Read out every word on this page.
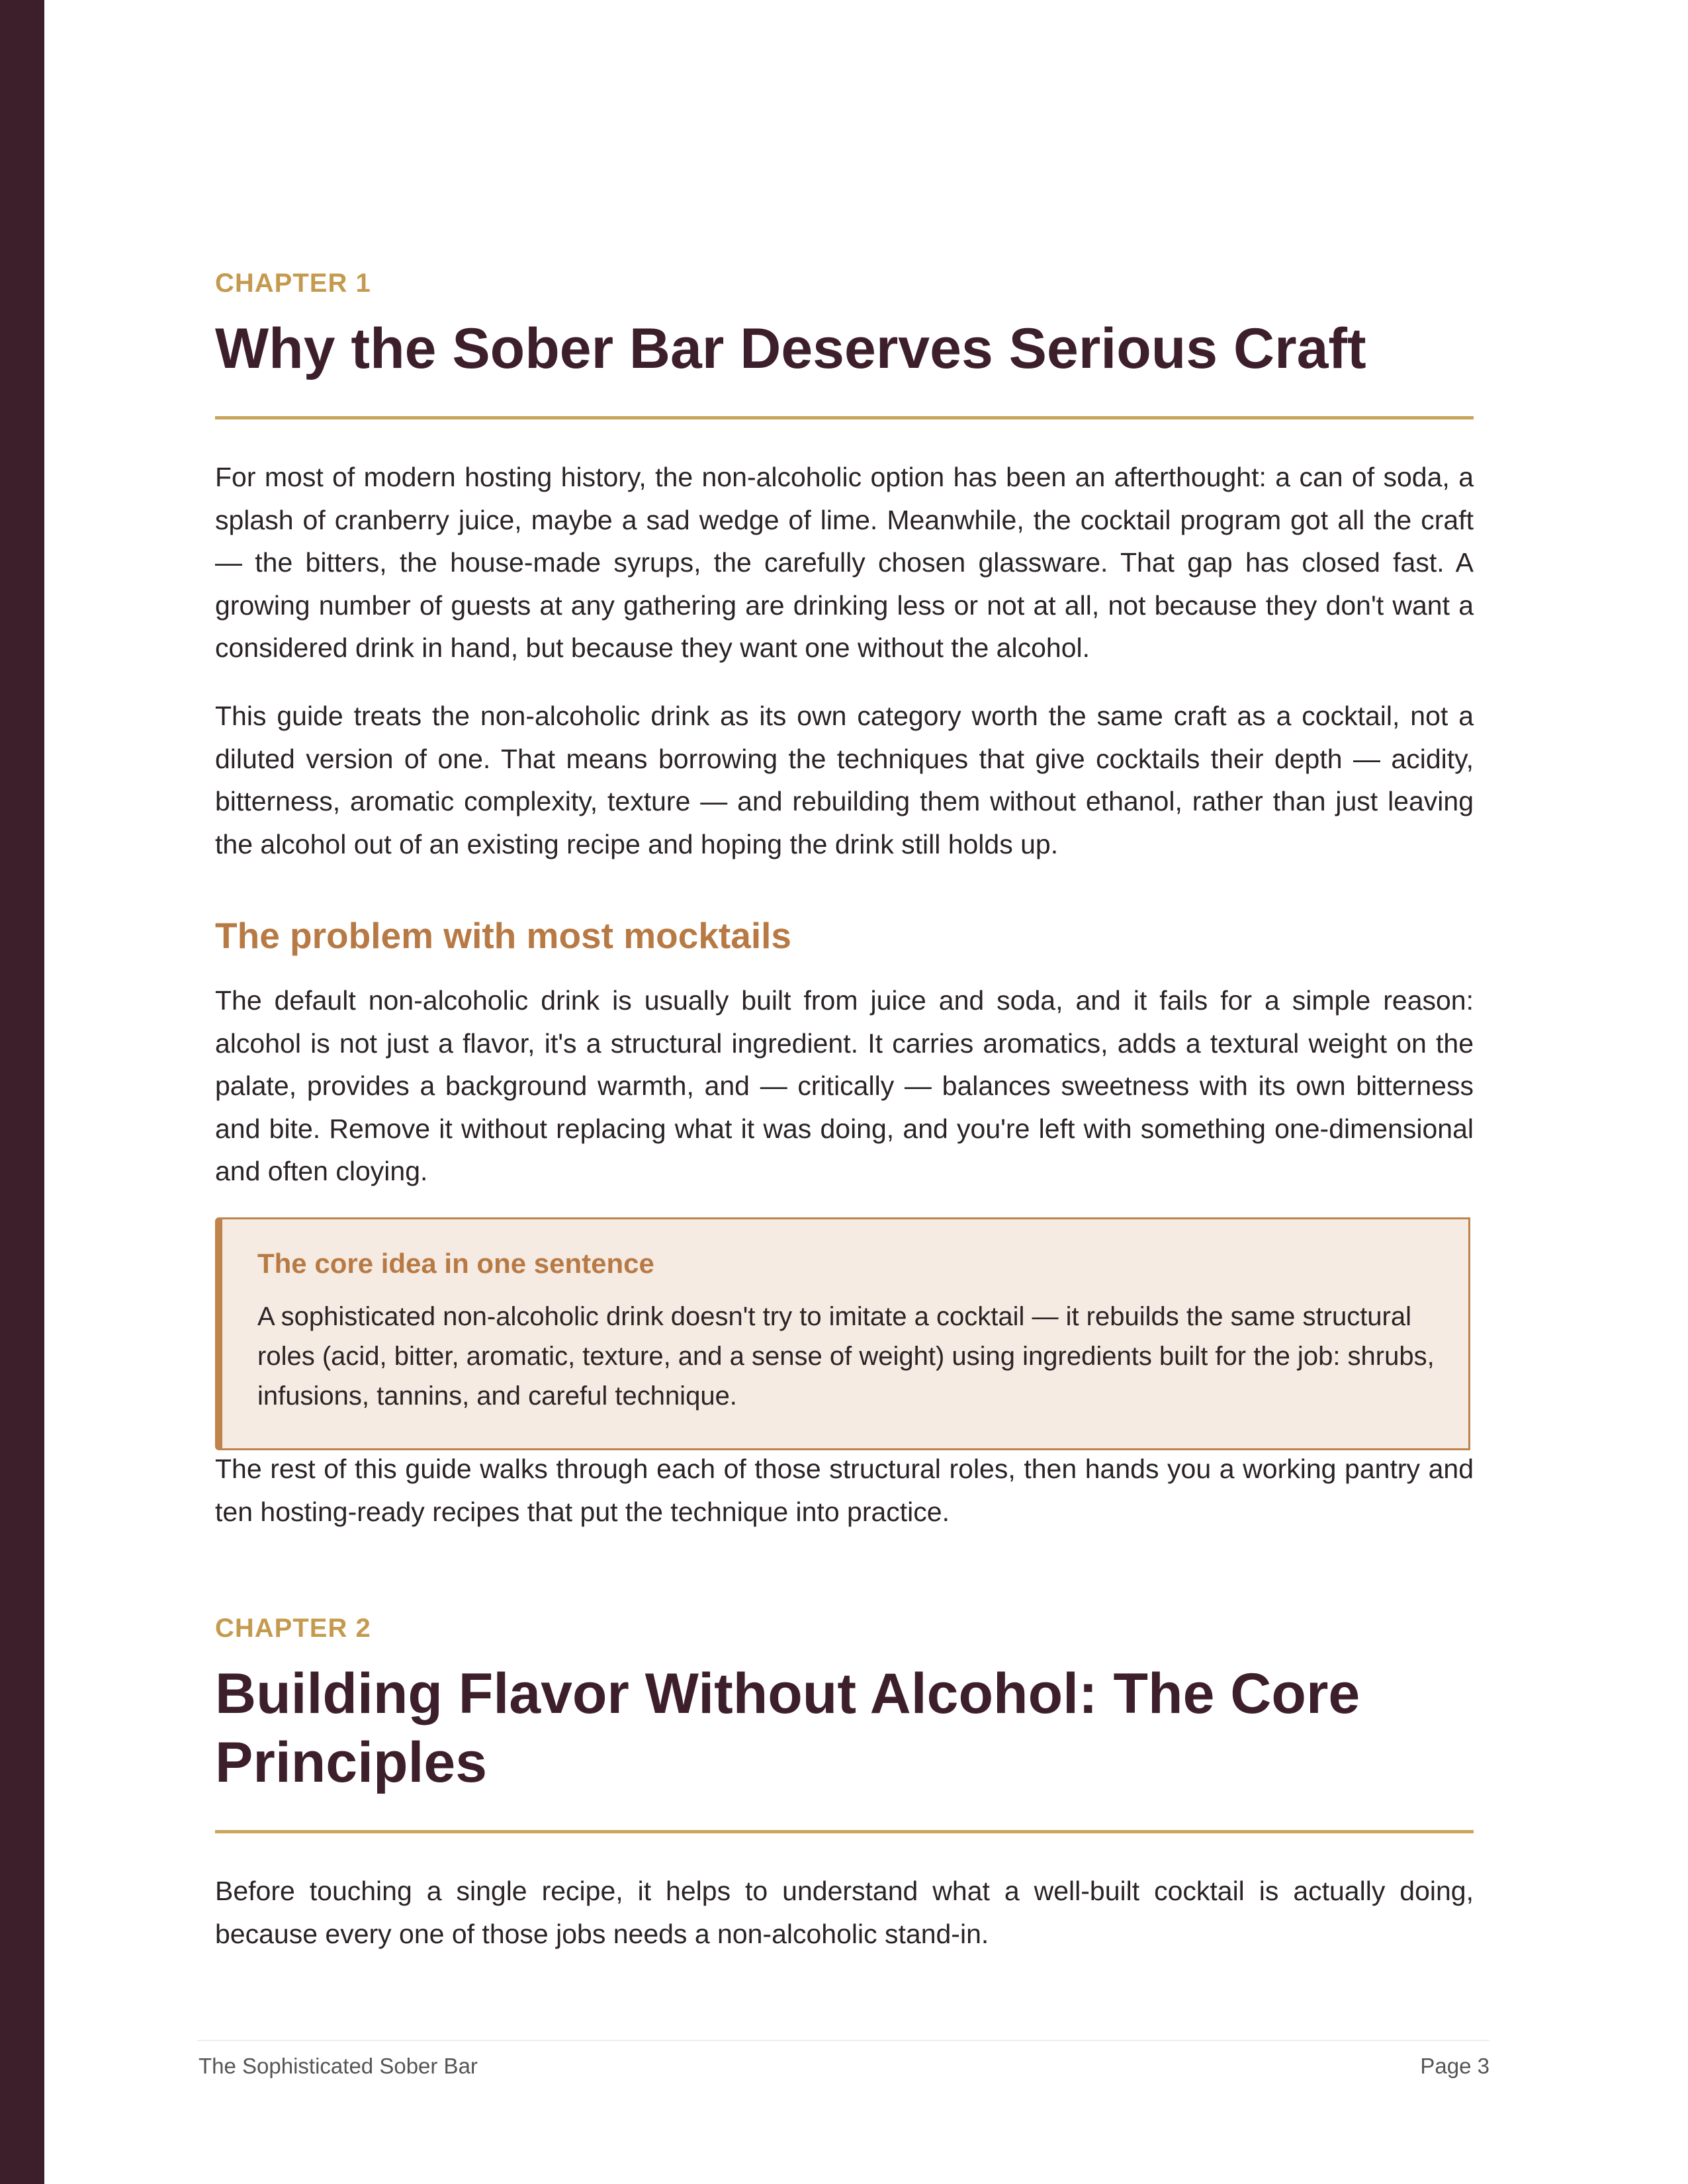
CHAPTER 1

Why the Sober Bar Deserves Serious Craft

For most of modern hosting history, the non-alcoholic option has been an afterthought: a can of soda, a splash of cranberry juice, maybe a sad wedge of lime. Meanwhile, the cocktail program got all the craft — the bitters, the house-made syrups, the carefully chosen glassware. That gap has closed fast. A growing number of guests at any gathering are drinking less or not at all, not because they don't want a considered drink in hand, but because they want one without the alcohol.

This guide treats the non-alcoholic drink as its own category worth the same craft as a cocktail, not a diluted version of one. That means borrowing the techniques that give cocktails their depth — acidity, bitterness, aromatic complexity, texture — and rebuilding them without ethanol, rather than just leaving the alcohol out of an existing recipe and hoping the drink still holds up.

The problem with most mocktails

The default non-alcoholic drink is usually built from juice and soda, and it fails for a simple reason: alcohol is not just a flavor, it's a structural ingredient. It carries aromatics, adds a textural weight on the palate, provides a background warmth, and — critically — balances sweetness with its own bitterness and bite. Remove it without replacing what it was doing, and you're left with something one-dimensional and often cloying.

The core idea in one sentence

A sophisticated non-alcoholic drink doesn't try to imitate a cocktail — it rebuilds the same structural roles (acid, bitter, aromatic, texture, and a sense of weight) using ingredients built for the job: shrubs, infusions, tannins, and careful technique.

The rest of this guide walks through each of those structural roles, then hands you a working pantry and ten hosting-ready recipes that put the technique into practice.

CHAPTER 2

Building Flavor Without Alcohol: The Core Principles

Before touching a single recipe, it helps to understand what a well-built cocktail is actually doing, because every one of those jobs needs a non-alcoholic stand-in.

The Sophisticated Sober Bar	Page 3
